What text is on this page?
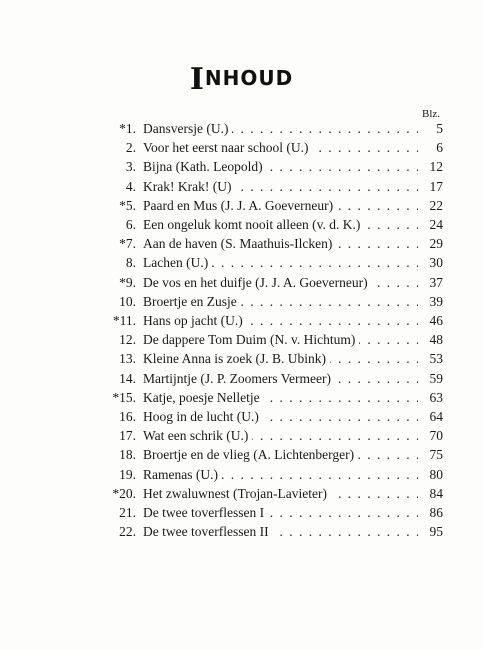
INHOUD
Blz.
*1. Dansversje (U.) . . .	5
2. Voor het eerst naar school (U.) . . .	6
3. Bijna (Kath. Leopold) . . .	12
4. Krak! Krak! (U) . . .	17
*5. Paard en Mus (J. J. A. Goeverneur) . . .	22
6. Een ongeluk komt nooit alleen (v. d. K.) . . .	24
*7. Aan de haven (S. Maathuis-Ilcken) . . .	29
8. Lachen (U.) . . .	30
*9. De vos en het duifje (J. J. A. Goeverneur) . . .	37
10. Broertje en Zusje . . .	39
*11. Hans op jacht (U.) . . .	46
12. De dappere Tom Duim (N. v. Hichtum) . . .	48
13. Kleine Anna is zoek (J. B. Ubink) . . .	53
14. Martijntje (J. P. Zoomers Vermeer) . . .	59
*15. Katje, poesje Nelletje . . .	63
16. Hoog in de lucht (U.) . . .	64
17. Wat een schrik (U.) . . .	70
18. Broertje en de vlieg (A. Lichtenberger) . . .	75
19. Ramenas (U.) . . .	80
*20. Het zwaluwnest (Trojan-Lavieter) . . .	84
21. De twee toverflessen I . . .	86
22. De twee toverflessen II . . .	95
